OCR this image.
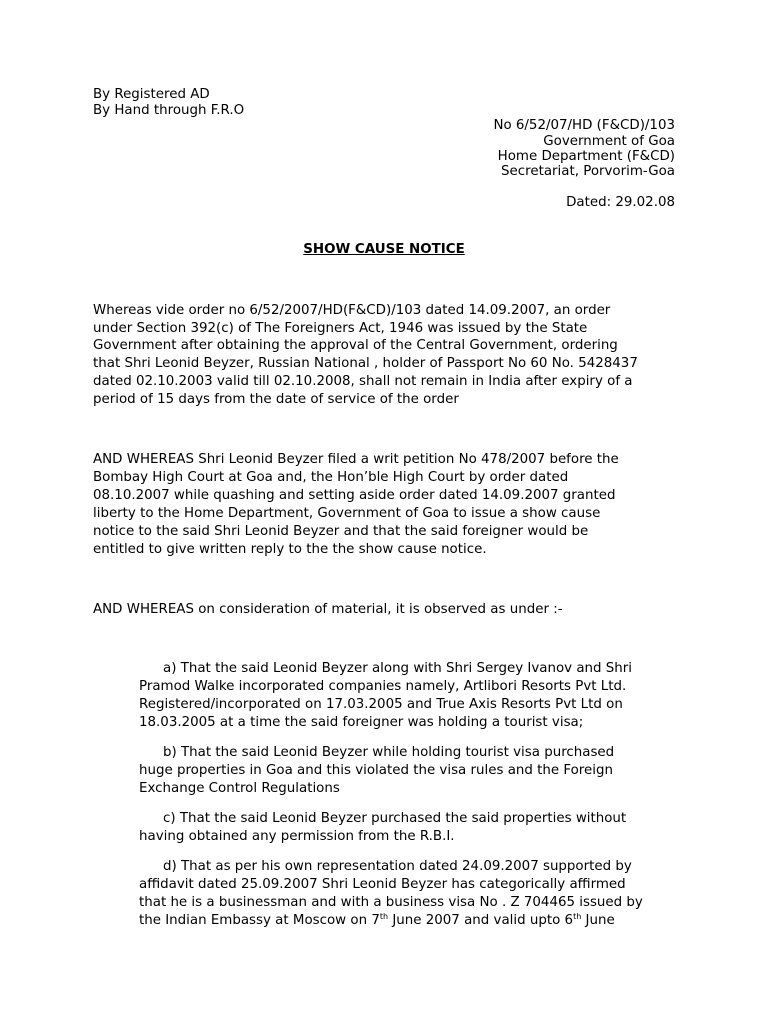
By Registered AD
By Hand through F.R.O
No 6/52/07/HD (F&CD)/103
Government of Goa
Home Department (F&CD)
Secretariat, Porvorim-Goa
Dated: 29.02.08
SHOW CAUSE NOTICE
Whereas vide order no 6/52/2007/HD(F&CD)/103 dated 14.09.2007, an order
under Section 392(c) of The Foreigners Act, 1946 was issued by the State
Government after obtaining the approval of the Central Government, ordering
that Shri Leonid Beyzer, Russian National , holder of Passport No 60 No. 5428437
dated 02.10.2003 valid till 02.10.2008, shall not remain in India after expiry of a
period of 15 days from the date of service of the order
AND WHEREAS Shri Leonid Beyzer filed a writ petition No 478/2007 before the
Bombay High Court at Goa and, the Hon’ble High Court by order dated
08.10.2007 while quashing and setting aside order dated 14.09.2007 granted
liberty to the Home Department, Government of Goa to issue a show cause
notice to the said Shri Leonid Beyzer and that the said foreigner would be
entitled to give written reply to the the show cause notice.
AND WHEREAS on consideration of material, it is observed as under :-
a) That the said Leonid Beyzer along with Shri Sergey Ivanov and Shri
Pramod Walke incorporated companies namely, Artlibori Resorts Pvt Ltd.
Registered/incorporated on 17.03.2005 and True Axis Resorts Pvt Ltd on
18.03.2005 at a time the said foreigner was holding a tourist visa;
b) That the said Leonid Beyzer while holding tourist visa purchased
huge properties in Goa and this violated the visa rules and the Foreign
Exchange Control Regulations
c) That the said Leonid Beyzer purchased the said properties without
having obtained any permission from the R.B.I.
d) That as per his own representation dated 24.09.2007 supported by
affidavit dated 25.09.2007 Shri Leonid Beyzer has categorically affirmed
that he is a businessman and with a business visa No . Z 704465 issued by
the Indian Embassy at Moscow on 7th June 2007 and valid upto 6th June
